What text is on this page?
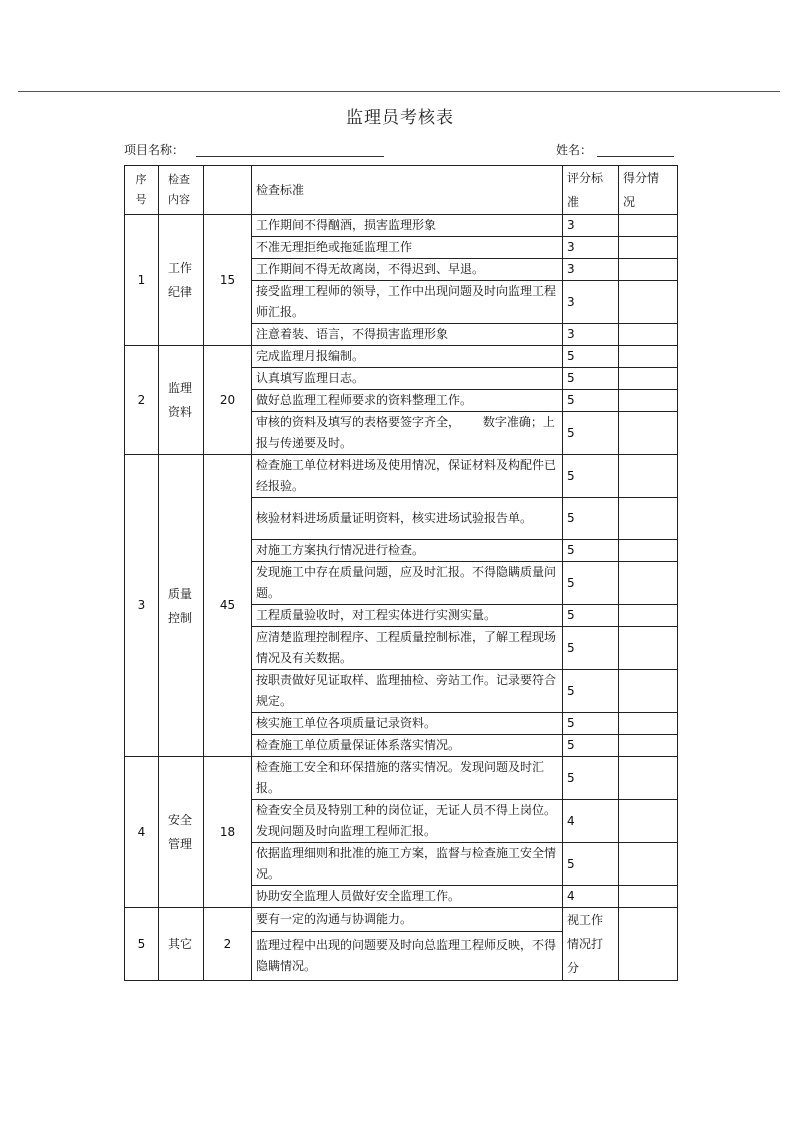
监理员考核表
项目名称：	姓名：
序号	检查内容		检查标准	评分标准	得分情况
1	工作纪律	15	工作期间不得酗酒，损害监理形象	3	
			不准无理拒绝或拖延监理工作	3	
			工作期间不得无故离岗，不得迟到、早退。	3	
			接受监理工程师的领导，工作中出现问题及时向监理工程师汇报。	3	
			注意着装、语言，不得损害监理形象	3	
2	监理资料	20	完成监理月报编制。	5	
			认真填写监理日志。	5	
			做好总监理工程师要求的资料整理工作。	5	
			审核的资料及填写的表格要签字齐全，      数字准确；上报与传递要及时。	5	
3	质量控制	45	检查施工单位材料进场及使用情况，保证材料及构配件已经报验。	5	
			核验材料进场质量证明资料，核实进场试验报告单。	5	
			对施工方案执行情况进行检查。	5	
			发现施工中存在质量问题，应及时汇报。不得隐瞒质量问题。	5	
			工程质量验收时，对工程实体进行实测实量。	5	
			应清楚监理控制程序、工程质量控制标准，了解工程现场情况及有关数据。	5	
			按职责做好见证取样、监理抽检、旁站工作。记录要符合规定。	5	
			核实施工单位各项质量记录资料。	5	
			检查施工单位质量保证体系落实情况。	5	
4	安全管理	18	检查施工安全和环保措施的落实情况。发现问题及时汇报。	5	
			检查安全员及特别工种的岗位证，无证人员不得上岗位。发现问题及时向监理工程师汇报。	4	
			依据监理细则和批准的施工方案，监督与检查施工安全情况。	5	
			协助安全监理人员做好安全监理工作。	4	
5	其它	2	要有一定的沟通与协调能力。	视工作情况打分	
			监理过程中出现的问题要及时向总监理工程师反映，不得隐瞒情况。		
